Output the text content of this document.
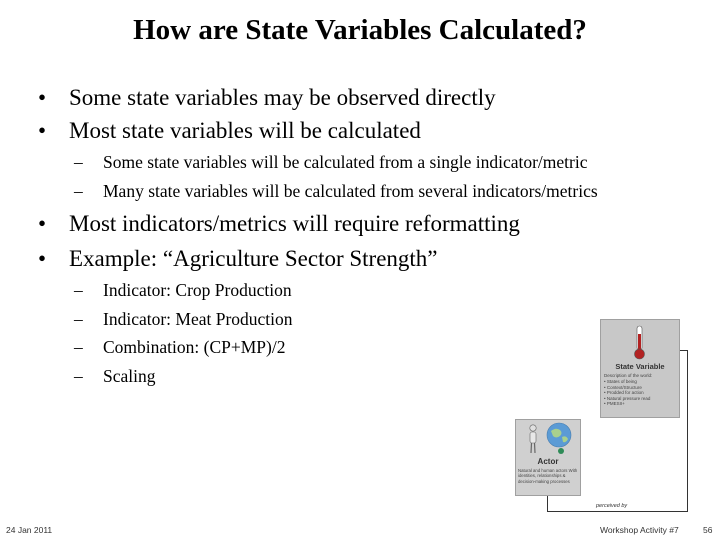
How are State Variables Calculated?
• Some state variables may be observed directly
• Most state variables will be calculated
– Some state variables will be calculated from a single indicator/metric
– Many state variables will be calculated from several indicators/metrics
• Most indicators/metrics will require reformatting
• Example: “Agriculture Sector Strength”
– Indicator: Crop Production
– Indicator: Meat Production
– Combination: (CP+MP)/2
– Scaling	State Variable
Description of the world:
• States of being
• Context/Structure
• Prodded for action
• Natural pressure read
• PMESII+
Actor
Natural and human actors With identities, relationships & decision-making processes
perceived by
24 Jan 2011	Workshop Activity #7	56
